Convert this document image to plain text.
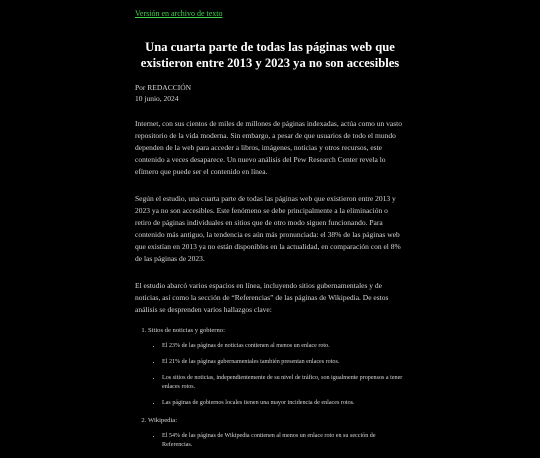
Versión en archivo de texto
Una cuarta parte de todas las páginas web que existieron entre 2013 y 2023 ya no son accesibles
Por REDACCIÓN
10 junio, 2024

Internet, con sus cientos de miles de millones de páginas indexadas, actúa como un vasto repositorio de la vida moderna. Sin embargo, a pesar de que usuarios de todo el mundo dependen de la web para acceder a libros, imágenes, noticias y otros recursos, este contenido a veces desaparece. Un nuevo análisis del Pew Research Center revela lo efímero que puede ser el contenido en línea.

Según el estudio, una cuarta parte de todas las páginas web que existieron entre 2013 y 2023 ya no son accesibles. Este fenómeno se debe principalmente a la eliminación o retiro de páginas individuales en sitios que de otro modo siguen funcionando. Para contenido más antiguo, la tendencia es aún más pronunciada: el 38% de las páginas web que existían en 2013 ya no están disponibles en la actualidad, en comparación con el 8% de las páginas de 2023.

El estudio abarcó varios espacios en línea, incluyendo sitios gubernamentales y de noticias, así como la sección de “Referencias” de las páginas de Wikipedia. De estos análisis se desprenden varios hallazgos clave:

1. Sitios de noticias y gobierno:
• El 23% de las páginas de noticias contienen al menos un enlace roto.
• El 21% de las páginas gubernamentales también presentan enlaces rotos.
• Los sitios de noticias, independientemente de su nivel de tráfico, son igualmente propensos a tener enlaces rotos.
• Las páginas de gobiernos locales tienen una mayor incidencia de enlaces rotos.
2. Wikipedia:
• El 54% de las páginas de Wikipedia contienen al menos un enlace roto en su sección de Referencias.
